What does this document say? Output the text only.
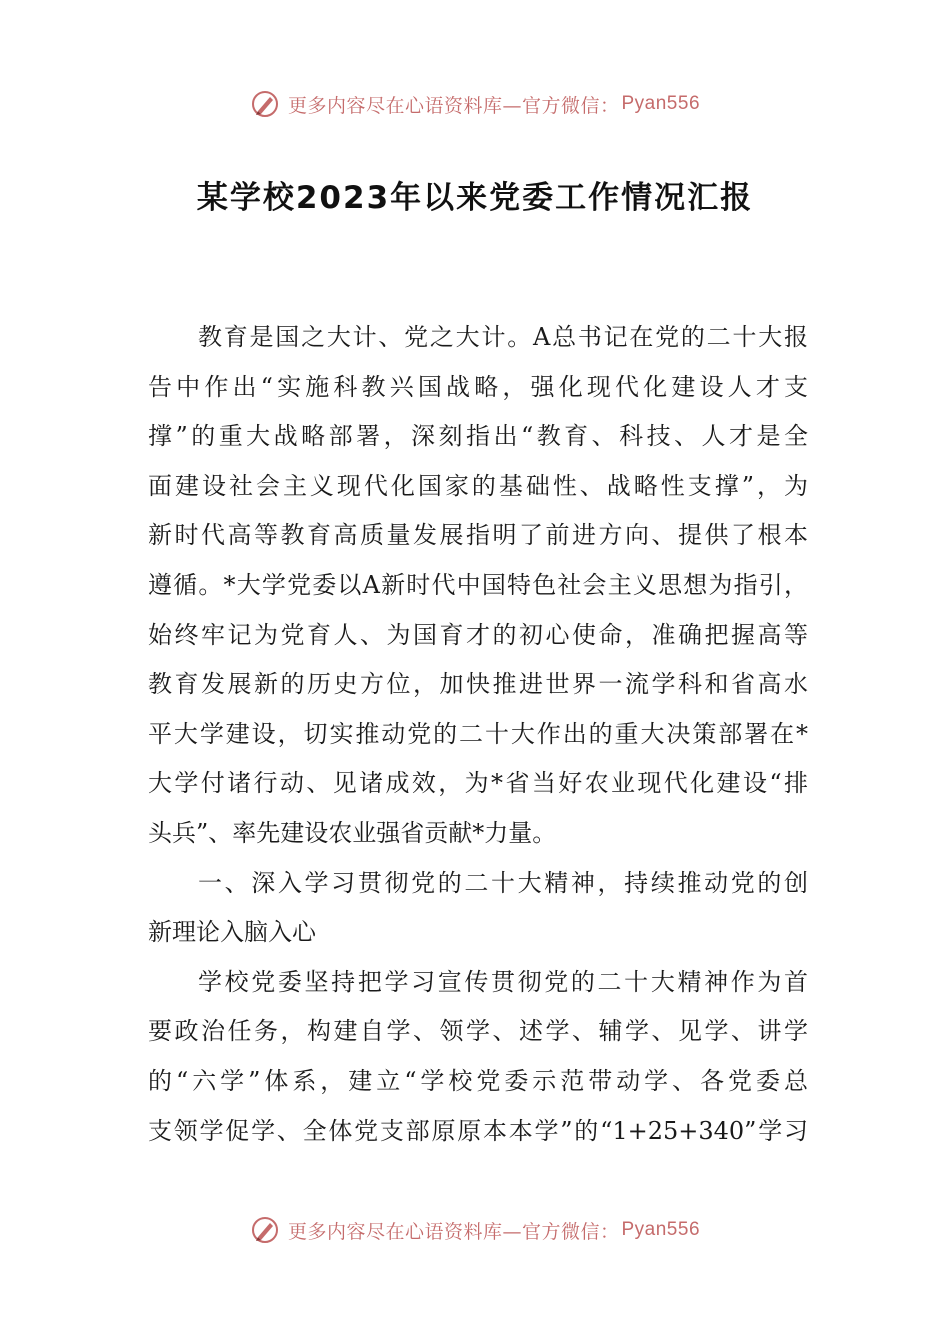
更多内容尽在心语资料库—官方微信： Pyan556
某学校2023年以来党委工作情况汇报
教育是国之大计、党之大计。A总书记在党的二十大报
告中作出“实施科教兴国战略，强化现代化建设人才支
撑”的重大战略部署，深刻指出“教育、科技、人才是全
面建设社会主义现代化国家的基础性、战略性支撑”，为
新时代高等教育高质量发展指明了前进方向、提供了根本
遵循。*大学党委以A新时代中国特色社会主义思想为指引，
始终牢记为党育人、为国育才的初心使命，准确把握高等
教育发展新的历史方位，加快推进世界一流学科和省高水
平大学建设，切实推动党的二十大作出的重大决策部署在*
大学付诸行动、见诸成效，为*省当好农业现代化建设“排
头兵”、率先建设农业强省贡献*力量。
一、深入学习贯彻党的二十大精神，持续推动党的创
新理论入脑入心
学校党委坚持把学习宣传贯彻党的二十大精神作为首
要政治任务，构建自学、领学、述学、辅学、见学、讲学
的“六学”体系，建立“学校党委示范带动学、各党委总
支领学促学、全体党支部原原本本学”的“1+25+340”学习
更多内容尽在心语资料库—官方微信： Pyan556
